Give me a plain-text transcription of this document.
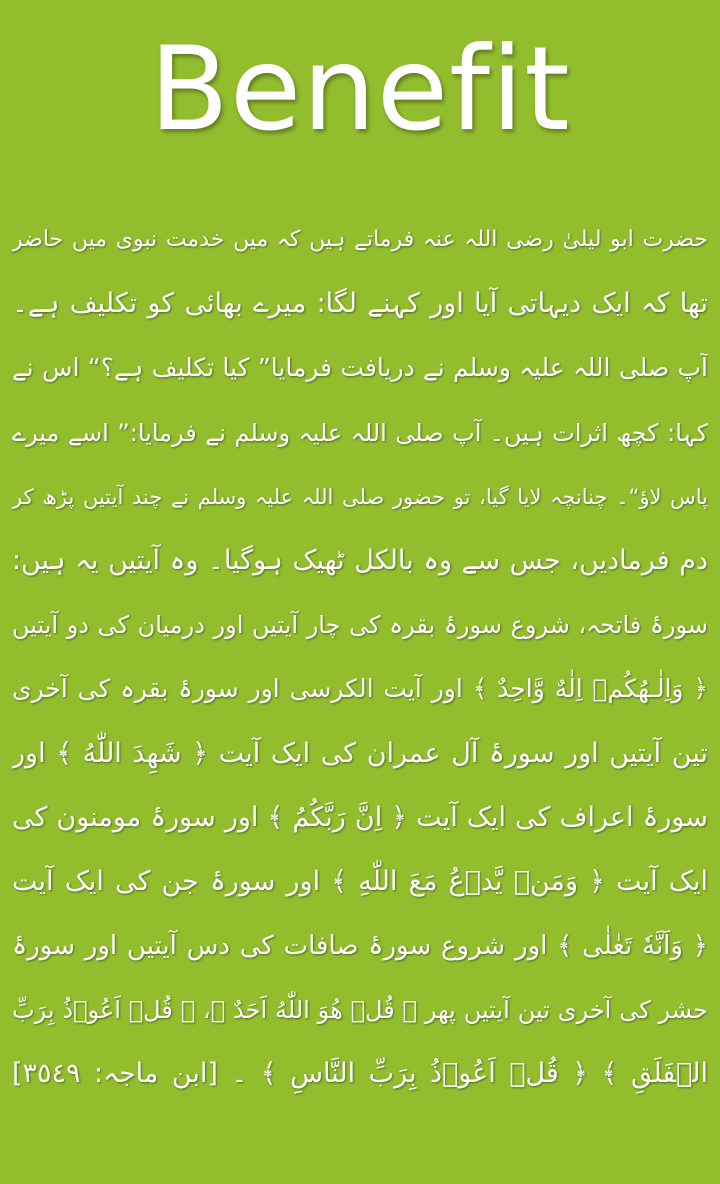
Benefit
حضرت ابو لیلیٰ رضی اللہ عنہ فرماتے ہیں کہ میں خدمت نبوی میں حاضر
تھا کہ ایک دیہاتی آیا اور کہنے لگا: میرے بھائی کو تکلیف ہے۔
آپ صلی اللہ علیہ وسلم نے دریافت فرمایا” کیا تکلیف ہے؟“ اس نے
کہا: کچھ اثرات ہیں۔ آپ صلی اللہ علیہ وسلم نے فرمایا:” اسے میرے
پاس لاؤ“۔ چنانچہ لایا گیا، تو حضور صلی اللہ علیہ وسلم نے چند آیتیں پڑھ کر
دم فرمادیں، جس سے وہ بالکل ٹھیک ہوگیا۔ وہ آیتیں یہ ہیں:
سورۂ فاتحہ، شروع سورۂ بقرہ کی چار آیتیں اور درمیان کی دو آیتیں
﴿ وَاِلٰـهُكُمۡ اِلٰهٌ وَّاحِدٌ ﴾ اور آیت الکرسی اور سورۂ بقرہ کی آخری
تین آیتیں اور سورۂ آل عمران کی ایک آیت ﴿ شَهِدَ اللّٰهُ ﴾ اور
سورۂ اعراف کی ایک آیت ﴿ اِنَّ رَبَّكُمُ ﴾ اور سورۂ مومنون کی
ایک آیت ﴿ وَمَنۡ يَّدۡعُ مَعَ اللّٰهِ ﴾ اور سورۂ جن کی ایک آیت
﴿ وَاَنَّهٗ تَعٰلٰى ﴾ اور شروع سورۂ صافات کی دس آیتیں اور سورۂ
حشر کی آخری تین آیتیں پھر ﴿ قُلۡ هُوَ اللّٰهُ اَحَدٌ ﴾، ﴿ قُلۡ اَعُوۡذُ بِرَبِّ
الۡفَلَقِ ﴾ ﴿ قُلۡ اَعُوۡذُ بِرَبِّ النَّاسِ ﴾ ۔ [ابن ماجہ: ٣٥٤٩]
